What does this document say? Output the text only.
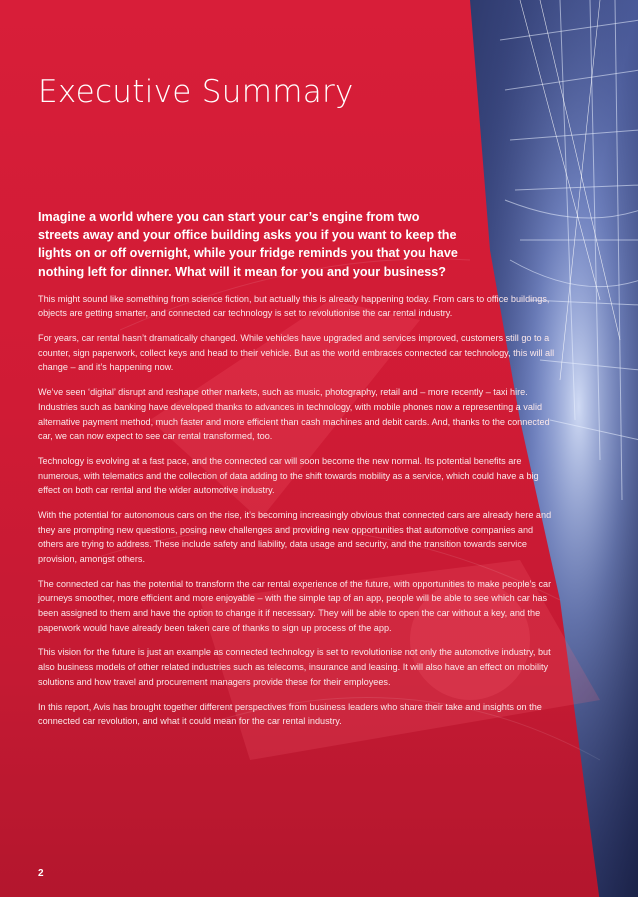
Executive Summary

Imagine a world where you can start your car’s engine from two streets away and your office building asks you if you want to keep the lights on or off overnight, while your fridge reminds you that you have nothing left for dinner. What will it mean for you and your business?

This might sound like something from science fiction, but actually this is already happening today. From cars to office buildings, objects are getting smarter, and connected car technology is set to revolutionise the car rental industry.

For years, car rental hasn’t dramatically changed. While vehicles have upgraded and services improved, customers still go to a counter, sign paperwork, collect keys and head to their vehicle. But as the world embraces connected car technology, this will all change – and it’s happening now.

We’ve seen ‘digital’ disrupt and reshape other markets, such as music, photography, retail and – more recently – taxi hire. Industries such as banking have developed thanks to advances in technology, with mobile phones now a representing a valid alternative payment method, much faster and more efficient than cash machines and debit cards. And, thanks to the connected car, we can now expect to see car rental transformed, too.

Technology is evolving at a fast pace, and the connected car will soon become the new normal. Its potential benefits are numerous, with telematics and the collection of data adding to the shift towards mobility as a service, which could have a big effect on both car rental and the wider automotive industry.

With the potential for autonomous cars on the rise, it’s becoming increasingly obvious that connected cars are already here and they are prompting new questions, posing new challenges and providing new opportunities that automotive companies and others are trying to address. These include safety and liability, data usage and security, and the transition towards service provision, amongst others.

The connected car has the potential to transform the car rental experience of the future, with opportunities to make people’s car journeys smoother, more efficient and more enjoyable – with the simple tap of an app, people will be able to see which car has been assigned to them and have the option to change it if necessary. They will be able to open the car without a key, and the paperwork would have already been taken care of thanks to sign up process of the app.

This vision for the future is just an example as connected technology is set to revolutionise not only the automotive industry, but also business models of other related industries such as telecoms, insurance and leasing. It will also have an effect on mobility solutions and how travel and procurement managers provide these for their employees.

In this report, Avis has brought together different perspectives from business leaders who share their take and insights on the connected car revolution, and what it could mean for the car rental industry.

2
